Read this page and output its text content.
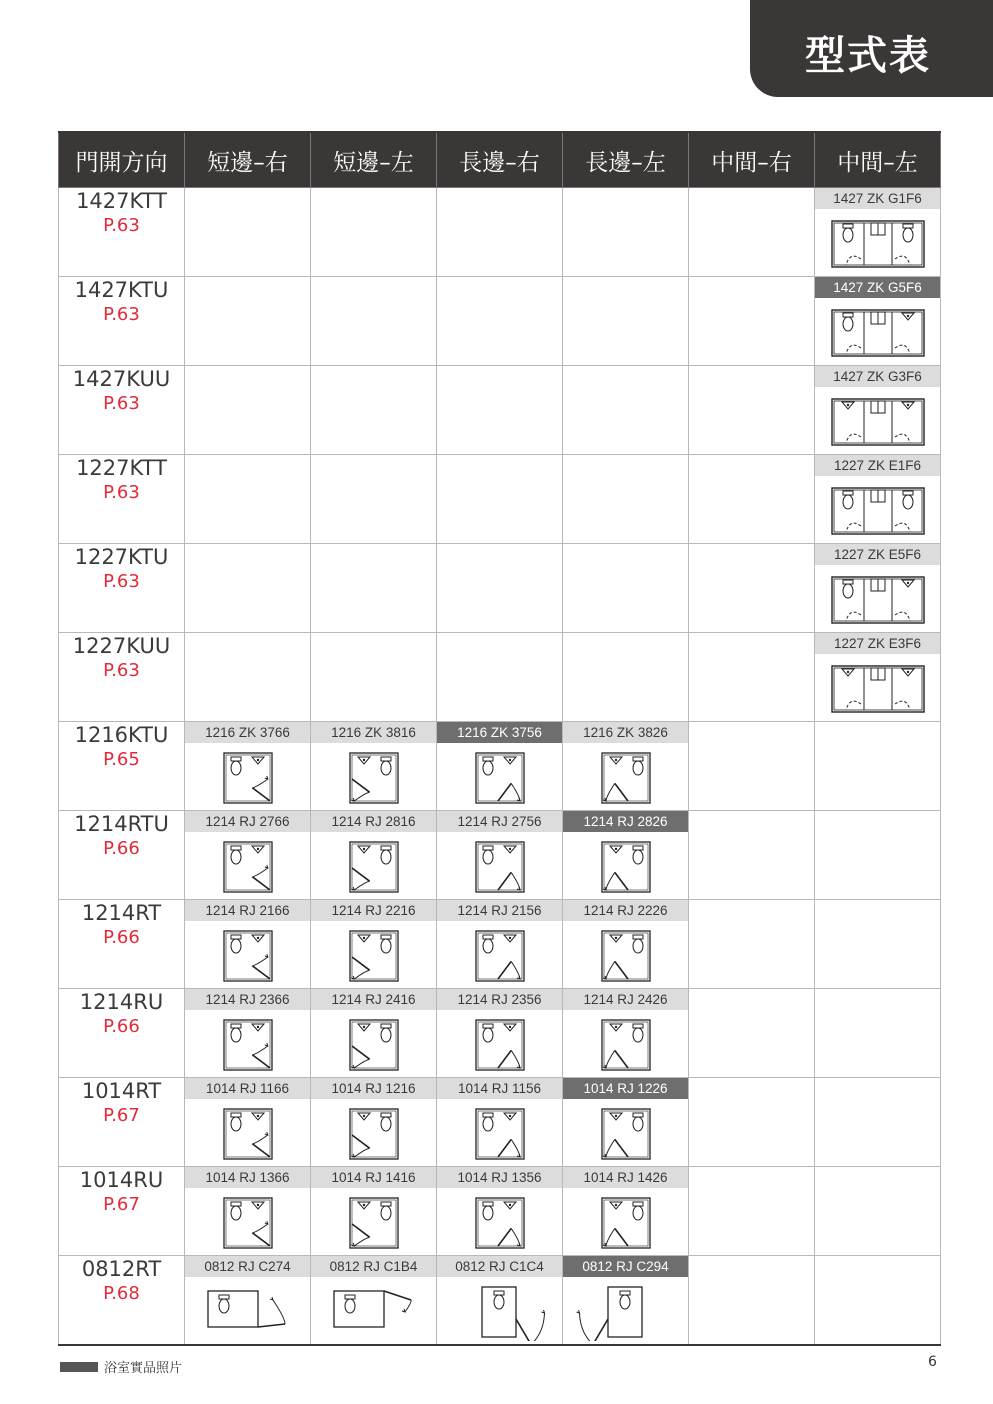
型式表
門開方向	短邊–右	短邊–左	長邊–右	長邊–左	中間–右	中間–左

1427KTT
P.63						1427 ZK G1F6

1427KTU
P.63						1427 ZK G5F6

1427KUU
P.63						1427 ZK G3F6

1227KTT
P.63						1227 ZK E1F6

1227KTU
P.63						1227 ZK E5F6

1227KUU
P.63						1227 ZK E3F6

1216KTU
P.65	1216 ZK 3766	1216 ZK 3816	1216 ZK 3756	1216 ZK 3826		

1214RTU
P.66	1214 RJ 2766	1214 RJ 2816	1214 RJ 2756	1214 RJ 2826		

1214RT
P.66	1214 RJ 2166	1214 RJ 2216	1214 RJ 2156	1214 RJ 2226		

1214RU
P.66	1214 RJ 2366	1214 RJ 2416	1214 RJ 2356	1214 RJ 2426		

1014RT
P.67	1014 RJ 1166	1014 RJ 1216	1014 RJ 1156	1014 RJ 1226		

1014RU
P.67	1014 RJ 1366	1014 RJ 1416	1014 RJ 1356	1014 RJ 1426		

0812RT
P.68	0812 RJ C274	0812 RJ C1B4	0812 RJ C1C4	0812 RJ C294		

浴室實品照片	6
